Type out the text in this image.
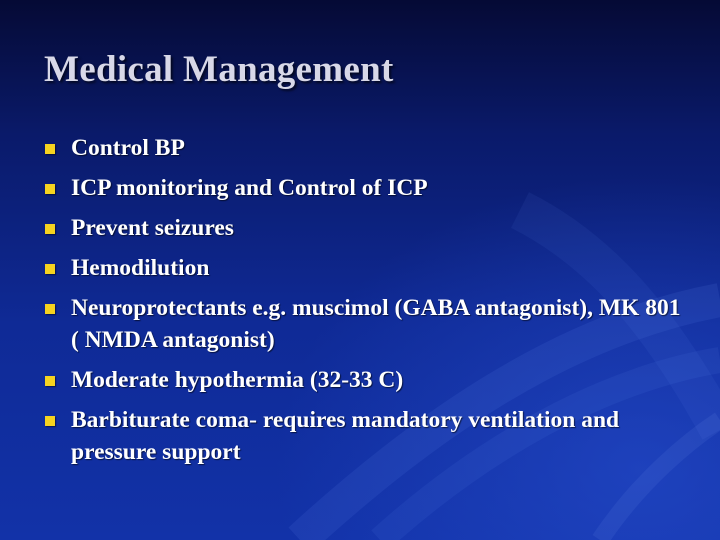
Medical Management
Control BP
ICP monitoring and Control of ICP
Prevent seizures
Hemodilution
Neuroprotectants e.g. muscimol (GABA antagonist), MK 801 ( NMDA antagonist)
Moderate hypothermia (32-33 C)
Barbiturate coma- requires mandatory ventilation and pressure support
